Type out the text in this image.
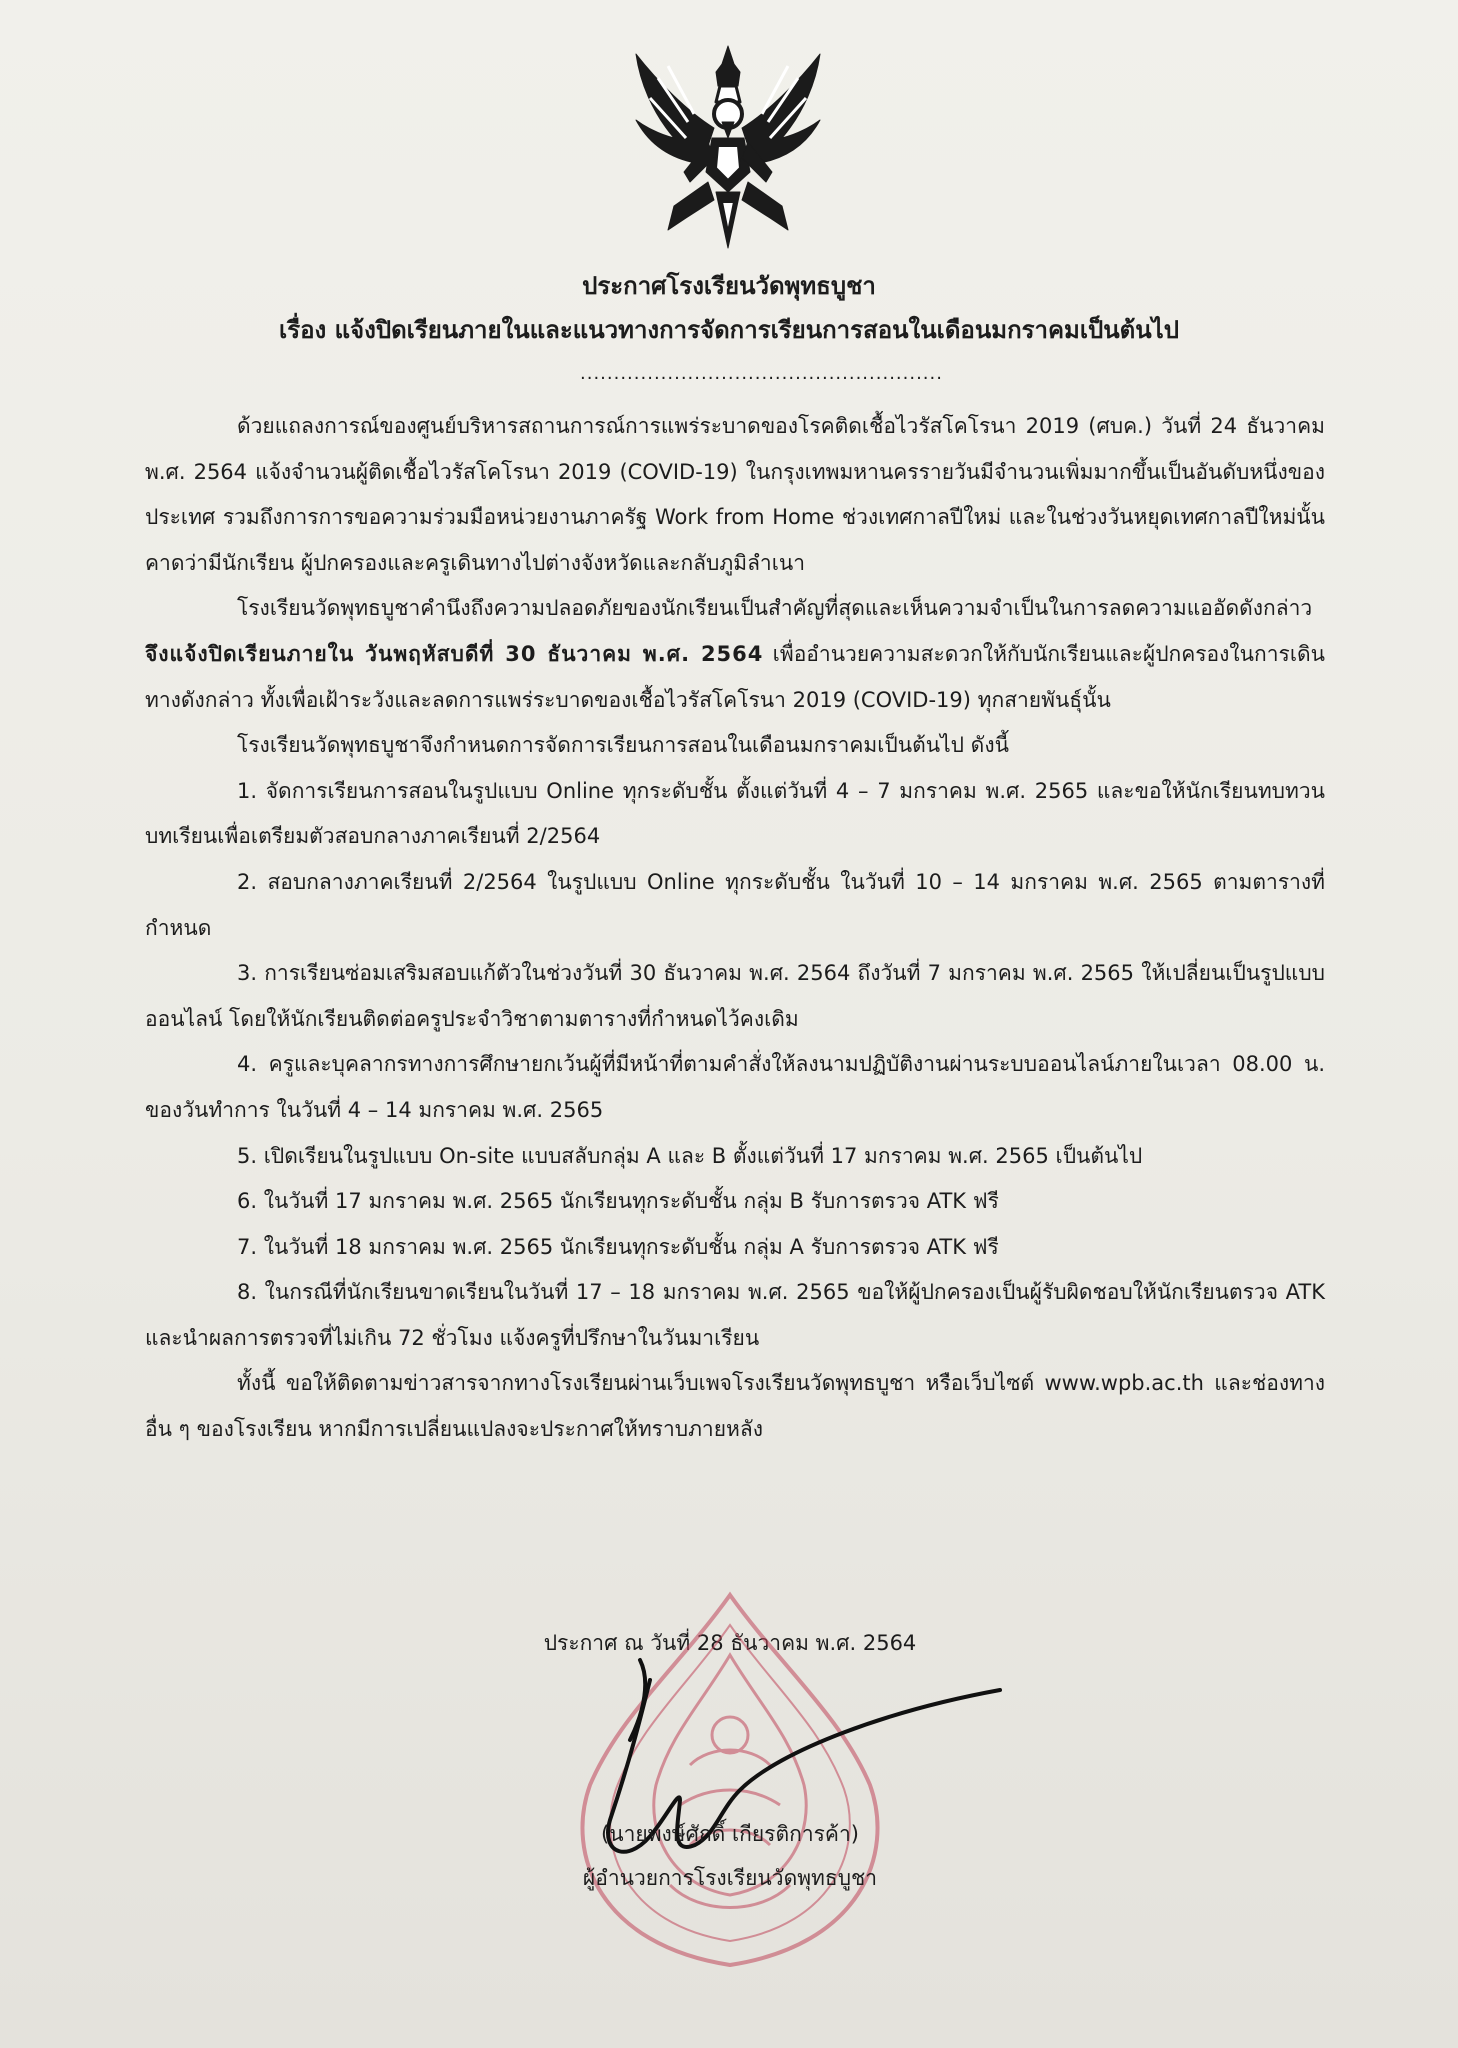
ประกาศโรงเรียนวัดพุทธบูชา
เรื่อง แจ้งปิดเรียนภายในและแนวทางการจัดการเรียนการสอนในเดือนมกราคมเป็นต้นไป
......................................................

ด้วยแถลงการณ์ของศูนย์บริหารสถานการณ์การแพร่ระบาดของโรคติดเชื้อไวรัสโคโรนา 2019 (ศบค.) วันที่ 24 ธันวาคม พ.ศ. 2564 แจ้งจำนวนผู้ติดเชื้อไวรัสโคโรนา 2019 (COVID-19) ในกรุงเทพมหานครรายวันมีจำนวนเพิ่มมากขึ้นเป็นอันดับหนึ่งของประเทศ รวมถึงการการขอความร่วมมือหน่วยงานภาครัฐ Work from Home ช่วงเทศกาลปีใหม่ และในช่วงวันหยุดเทศกาลปีใหม่นั้น คาดว่ามีนักเรียน ผู้ปกครองและครูเดินทางไปต่างจังหวัดและกลับภูมิลำเนา

โรงเรียนวัดพุทธบูชาคำนึงถึงความปลอดภัยของนักเรียนเป็นสำคัญที่สุดและเห็นความจำเป็นในการลดความแออัดดังกล่าว จึงแจ้งปิดเรียนภายใน วันพฤหัสบดีที่ 30 ธันวาคม พ.ศ. 2564 เพื่ออำนวยความสะดวกให้กับนักเรียนและผู้ปกครองในการเดินทางดังกล่าว ทั้งเพื่อเฝ้าระวังและลดการแพร่ระบาดของเชื้อไวรัสโคโรนา 2019 (COVID-19) ทุกสายพันธุ์นั้น

โรงเรียนวัดพุทธบูชาจึงกำหนดการจัดการเรียนการสอนในเดือนมกราคมเป็นต้นไป ดังนี้

1. จัดการเรียนการสอนในรูปแบบ Online ทุกระดับชั้น ตั้งแต่วันที่ 4 – 7 มกราคม พ.ศ. 2565 และขอให้นักเรียนทบทวนบทเรียนเพื่อเตรียมตัวสอบกลางภาคเรียนที่ 2/2564

2. สอบกลางภาคเรียนที่ 2/2564 ในรูปแบบ Online ทุกระดับชั้น ในวันที่ 10 – 14 มกราคม พ.ศ. 2565 ตามตารางที่กำหนด

3. การเรียนซ่อมเสริมสอบแก้ตัวในช่วงวันที่ 30 ธันวาคม พ.ศ. 2564 ถึงวันที่ 7 มกราคม พ.ศ. 2565 ให้เปลี่ยนเป็นรูปแบบออนไลน์ โดยให้นักเรียนติดต่อครูประจำวิชาตามตารางที่กำหนดไว้คงเดิม

4. ครูและบุคลากรทางการศึกษายกเว้นผู้ที่มีหน้าที่ตามคำสั่งให้ลงนามปฏิบัติงานผ่านระบบออนไลน์ภายในเวลา 08.00 น. ของวันทำการ ในวันที่ 4 – 14 มกราคม พ.ศ. 2565

5. เปิดเรียนในรูปแบบ On-site แบบสลับกลุ่ม A และ B ตั้งแต่วันที่ 17 มกราคม พ.ศ. 2565 เป็นต้นไป

6. ในวันที่ 17 มกราคม พ.ศ. 2565 นักเรียนทุกระดับชั้น กลุ่ม B รับการตรวจ ATK ฟรี

7. ในวันที่ 18 มกราคม พ.ศ. 2565 นักเรียนทุกระดับชั้น กลุ่ม A รับการตรวจ ATK ฟรี

8. ในกรณีที่นักเรียนขาดเรียนในวันที่ 17 – 18 มกราคม พ.ศ. 2565 ขอให้ผู้ปกครองเป็นผู้รับผิดชอบให้นักเรียนตรวจ ATK และนำผลการตรวจที่ไม่เกิน 72 ชั่วโมง แจ้งครูที่ปรึกษาในวันมาเรียน

ทั้งนี้ ขอให้ติดตามข่าวสารจากทางโรงเรียนผ่านเว็บเพจโรงเรียนวัดพุทธบูชา หรือเว็บไซต์ www.wpb.ac.th และช่องทางอื่น ๆ ของโรงเรียน หากมีการเปลี่ยนแปลงจะประกาศให้ทราบภายหลัง

ประกาศ ณ วันที่ 28 ธันวาคม พ.ศ. 2564
(นายพงษ์ศักดิ์ เกียรติการค้า)
ผู้อำนวยการโรงเรียนวัดพุทธบูชา
